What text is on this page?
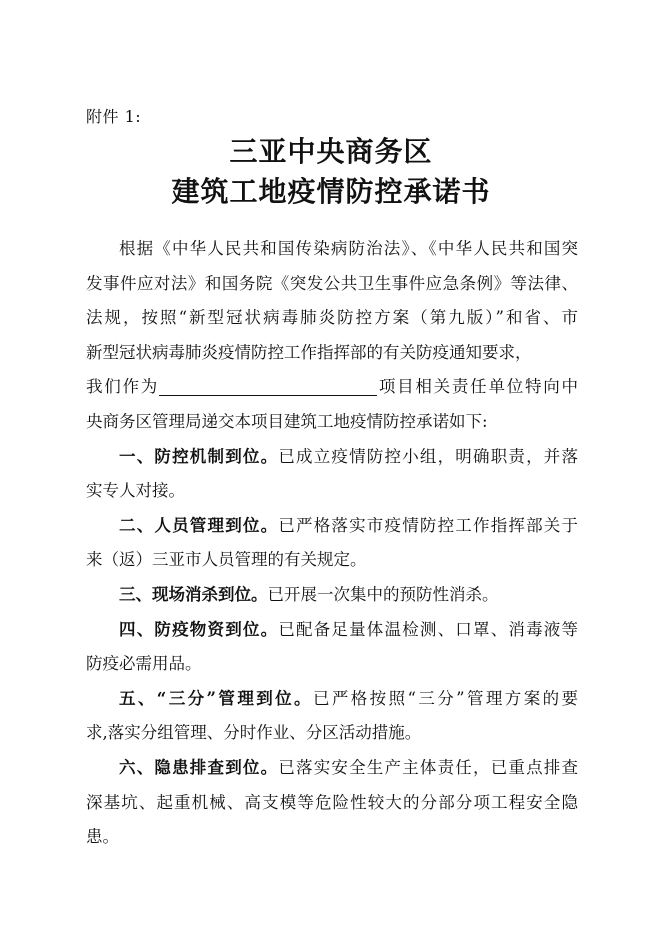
附件 1:
三亚中央商务区
建筑工地疫情防控承诺书
根据《中华人民共和国传染病防治法》、《中华人民共和国突
发事件应对法》和国务院《突发公共卫生事件应急条例》等法律、
法规，按照“新型冠状病毒肺炎防控方案（第九版）”和省、市
新型冠状病毒肺炎疫情防控工作指挥部的有关防疫通知要求，
我们作为	项目相关责任单位特向中
央商务区管理局递交本项目建筑工地疫情防控承诺如下:
一、防控机制到位。已成立疫情防控小组，明确职责，并落
实专人对接。
二、人员管理到位。已严格落实市疫情防控工作指挥部关于
来（返）三亚市人员管理的有关规定。
三、现场消杀到位。已开展一次集中的预防性消杀。
四、防疫物资到位。已配备足量体温检测、口罩、消毒液等
防疫必需用品。
五、“三分”管理到位。已严格按照“三分”管理方案的要
求,落实分组管理、分时作业、分区活动措施。
六、隐患排查到位。已落实安全生产主体责任，已重点排查
深基坑、起重机械、高支模等危险性较大的分部分项工程安全隐
患。
